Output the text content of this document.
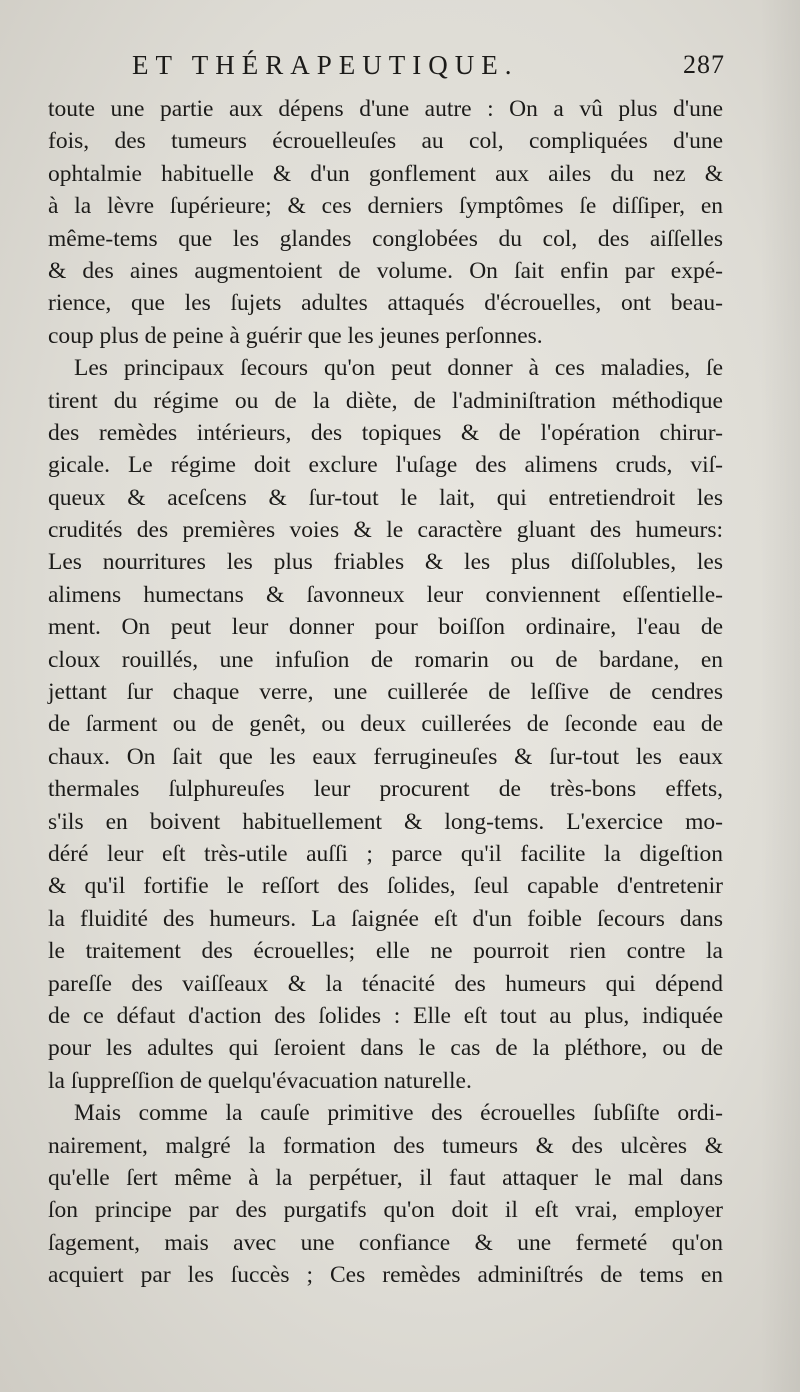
ET THÉRAPEUTIQUE.	287
toute une partie aux dépens d'une autre : On a vû plus d'une
fois, des tumeurs écrouelleuſes au col, compliquées d'une
ophtalmie habituelle & d'un gonflement aux ailes du nez &
à la lèvre ſupérieure; & ces derniers ſymptômes ſe diſſiper, en
même-tems que les glandes conglobées du col, des aiſſelles
& des aines augmentoient de volume. On ſait enfin par expé-
rience, que les ſujets adultes attaqués d'écrouelles, ont beau-
coup plus de peine à guérir que les jeunes perſonnes.
Les principaux ſecours qu'on peut donner à ces maladies, ſe
tirent du régime ou de la diète, de l'adminiſtration méthodique
des remèdes intérieurs, des topiques & de l'opération chirur-
gicale. Le régime doit exclure l'uſage des alimens cruds, viſ-
queux & aceſcens & ſur-tout le lait, qui entretiendroit les
crudités des premières voies & le caractère gluant des humeurs:
Les nourritures les plus friables & les plus diſſolubles, les
alimens humectans & ſavonneux leur conviennent eſſentielle-
ment. On peut leur donner pour boiſſon ordinaire, l'eau de
cloux rouillés, une infuſion de romarin ou de bardane, en
jettant ſur chaque verre, une cuillerée de leſſive de cendres
de ſarment ou de genêt, ou deux cuillerées de ſeconde eau de
chaux. On ſait que les eaux ferrugineuſes & ſur-tout les eaux
thermales ſulphureuſes leur procurent de très-bons effets,
s'ils en boivent habituellement & long-tems. L'exercice mo-
déré leur eſt très-utile auſſi ; parce qu'il facilite la digeſtion
& qu'il fortifie le reſſort des ſolides, ſeul capable d'entretenir
la fluidité des humeurs. La ſaignée eſt d'un foible ſecours dans
le traitement des écrouelles; elle ne pourroit rien contre la
pareſſe des vaiſſeaux & la ténacité des humeurs qui dépend
de ce défaut d'action des ſolides : Elle eſt tout au plus, indiquée
pour les adultes qui ſeroient dans le cas de la pléthore, ou de
la ſuppreſſion de quelqu'évacuation naturelle.
Mais comme la cauſe primitive des écrouelles ſubſiſte ordi-
nairement, malgré la formation des tumeurs & des ulcères &
qu'elle ſert même à la perpétuer, il faut attaquer le mal dans
ſon principe par des purgatifs qu'on doit il eſt vrai, employer
ſagement, mais avec une confiance & une fermeté qu'on
acquiert par les ſuccès ; Ces remèdes adminiſtrés de tems en
